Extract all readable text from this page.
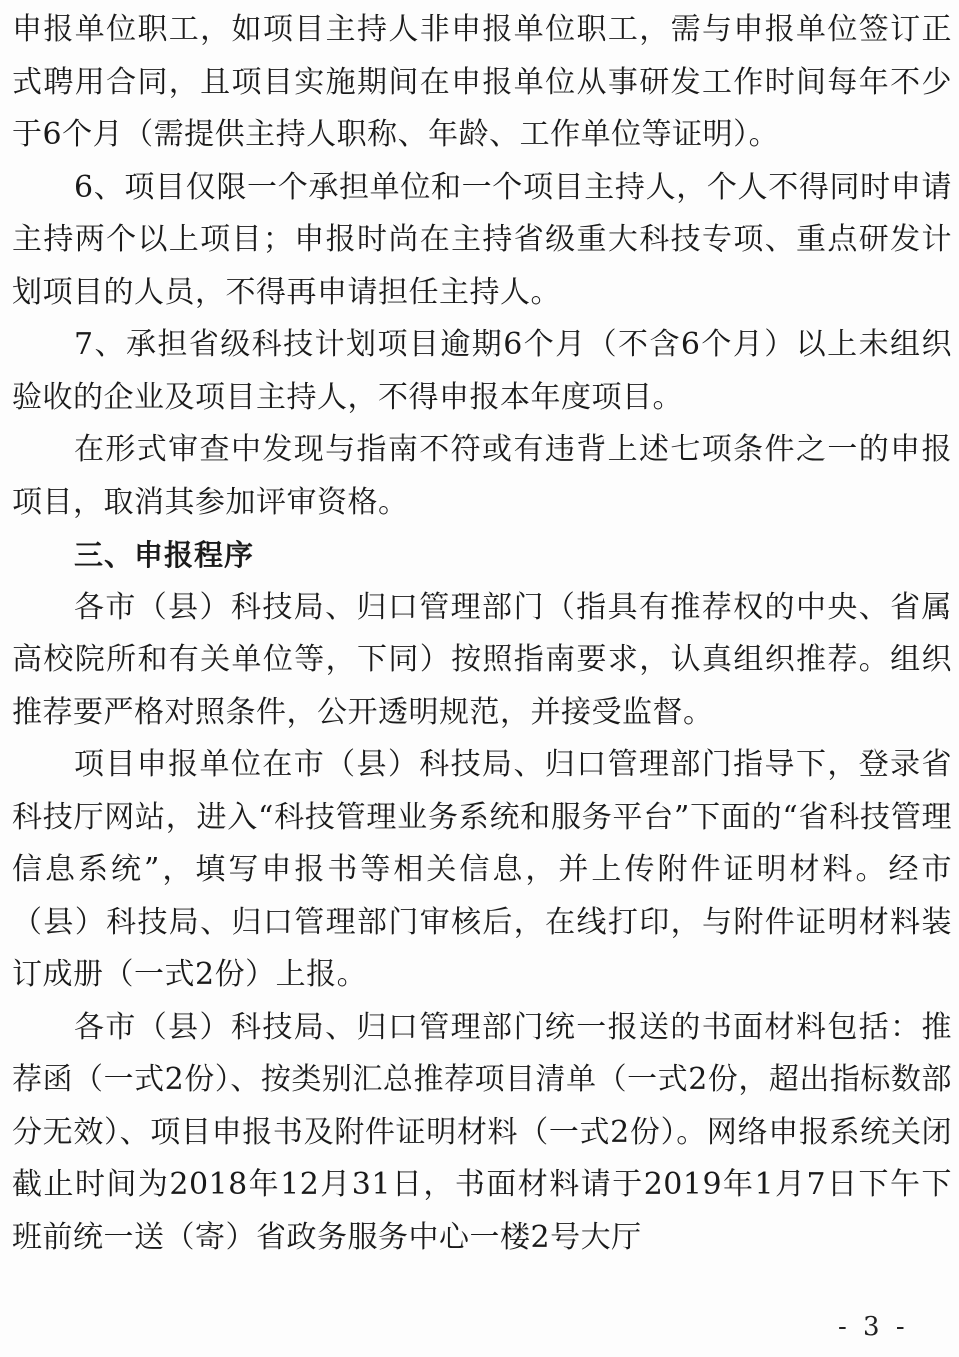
申报单位职工，如项目主持人非申报单位职工，需与申报单位签订正式聘用合同，且项目实施期间在申报单位从事研发工作时间每年不少于6个月（需提供主持人职称、年龄、工作单位等证明）。

6、项目仅限一个承担单位和一个项目主持人，个人不得同时申请主持两个以上项目；申报时尚在主持省级重大科技专项、重点研发计划项目的人员，不得再申请担任主持人。

7、承担省级科技计划项目逾期6个月（不含6个月）以上未组织验收的企业及项目主持人，不得申报本年度项目。

在形式审查中发现与指南不符或有违背上述七项条件之一的申报项目，取消其参加评审资格。

三、申报程序

各市（县）科技局、归口管理部门（指具有推荐权的中央、省属高校院所和有关单位等，下同）按照指南要求，认真组织推荐。组织推荐要严格对照条件，公开透明规范，并接受监督。

项目申报单位在市（县）科技局、归口管理部门指导下，登录省科技厅网站，进入“科技管理业务系统和服务平台”下面的“省科技管理信息系统”，填写申报书等相关信息，并上传附件证明材料。经市（县）科技局、归口管理部门审核后，在线打印，与附件证明材料装订成册（一式2份）上报。

各市（县）科技局、归口管理部门统一报送的书面材料包括：推荐函（一式2份）、按类别汇总推荐项目清单（一式2份，超出指标数部分无效）、项目申报书及附件证明材料（一式2份）。网络申报系统关闭截止时间为2018年12月31日，书面材料请于2019年1月7日下午下班前统一送（寄）省政务服务中心一楼2号大厅

- 3 -
